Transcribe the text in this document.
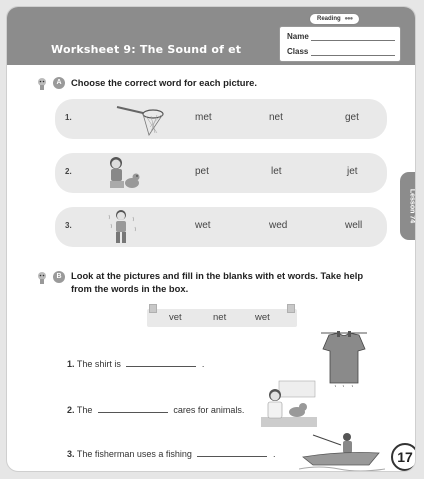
Reading ●●●
Worksheet 9: The Sound of et
Name
Class
Lesson 74
A	Choose the correct word for each picture.
1.	met	net	get
2.	pet	let	jet
3.	wet	wed	well
B	Look at the pictures and fill in the blanks with et words. Take help
from the words in the box.
vet	net	wet
1. The shirt is	.
2. The	cares for animals.
3. The fisherman uses a fishing	.	17
